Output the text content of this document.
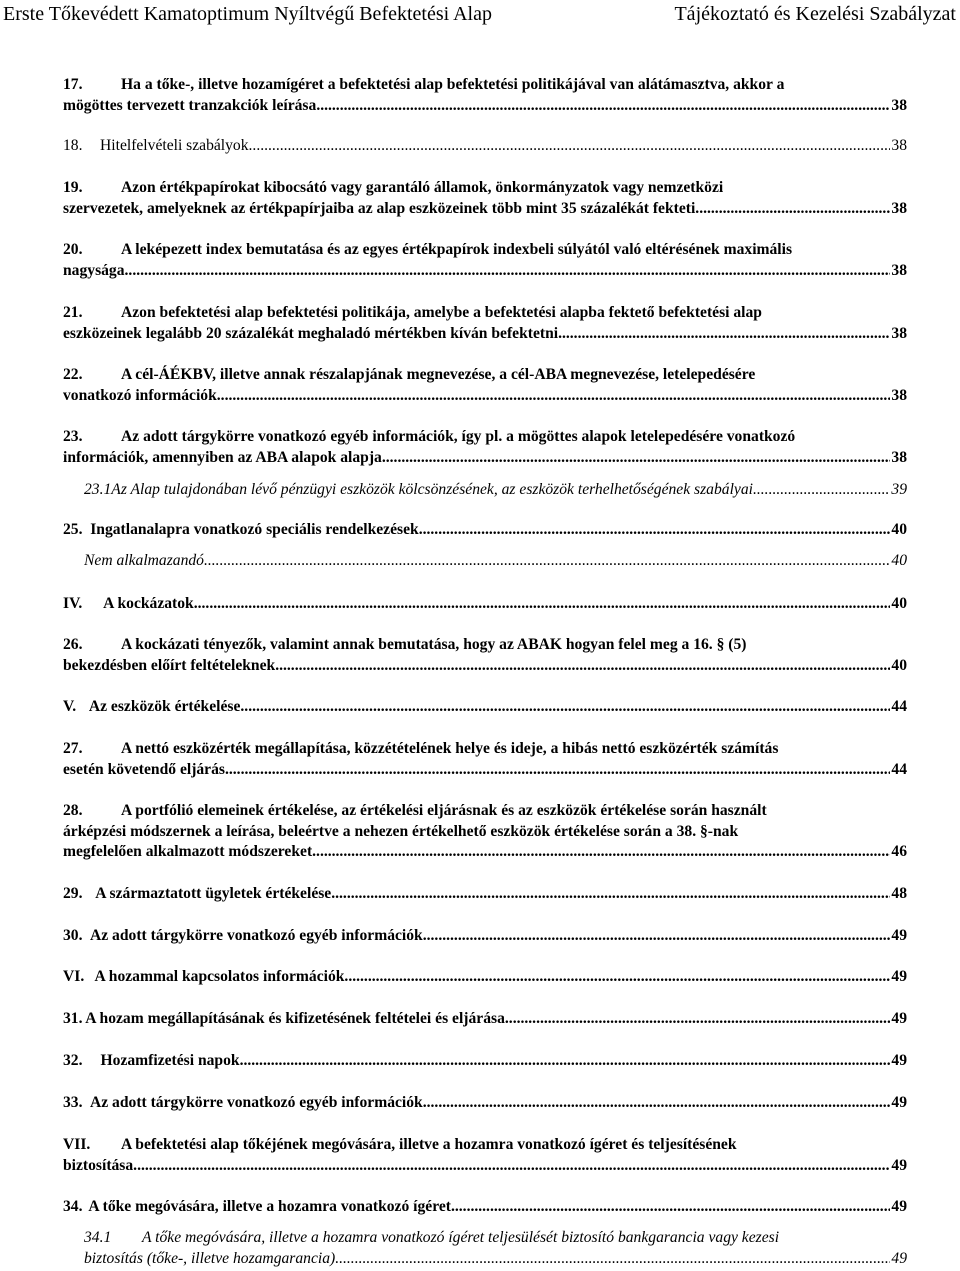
Erste Tőkevédett Kamatoptimum Nyíltvégű Befektetési Alap	Tájékoztató és Kezelési Szabályzat
17. Ha a tőke-, illetve hozamígéret a befektetési alap befektetési politikájával van alátámasztva, akkor a
mögöttes tervezett tranzakciók leírása .....	38
18.	Hitelfelvételi szabályok .....	38
19. Azon értékpapírokat kibocsátó vagy garantáló államok, önkormányzatok vagy nemzetközi
szervezetek, amelyeknek az értékpapírjaiba az alap eszközeinek több mint 35 százalékát fekteti .....	38
20. A leképezett index bemutatása és az egyes értékpapírok indexbeli súlyától való eltérésének maximális
nagysága .....	38
21. Azon befektetési alap befektetési politikája, amelybe a befektetési alapba fektető befektetési alap
eszközeinek legalább 20 százalékát meghaladó mértékben kíván befektetni .....	38
22. A cél-ÁÉKBV, illetve annak részalapjának megnevezése, a cél-ABA megnevezése, letelepedésére
vonatkozó információk .....	38
23. Az adott tárgykörre vonatkozó egyéb információk, így pl. a mögöttes alapok letelepedésére vonatkozó
információk, amennyiben az ABA alapok alapja .....	38
23.1 Az Alap tulajdonában lévő pénzügyi eszközök kölcsönzésének, az eszközök terhelhetőségének szabályai .....	39
25. Ingatlanalapra vonatkozó speciális rendelkezések .....	40
Nem alkalmazandó. .....	40
IV.	A kockázatok .....	40
26. A kockázati tényezők, valamint annak bemutatása, hogy az ABAK hogyan felel meg a 16. § (5)
bekezdésben előírt feltételeknek .....	40
V. Az eszközök értékelése .....	44
27. A nettó eszközérték megállapítása, közzétételének helye és ideje, a hibás nettó eszközérték számítás
esetén követendő eljárás .....	44
28. A portfólió elemeinek értékelése, az értékelési eljárásnak és az eszközök értékelése során használt
árképzési módszernek a leírása, beleértve a nehezen értékelhető eszközök értékelése során a 38. §-nak
megfelelően alkalmazott módszereket .....	46
29. A származtatott ügyletek értékelése .....	48
30. Az adott tárgykörre vonatkozó egyéb információk .....	49
VI. A hozammal kapcsolatos információk .....	49
31. A hozam megállapításának és kifizetésének feltételei és eljárása .....	49
32.	Hozamfizetési napok .....	49
33. Az adott tárgykörre vonatkozó egyéb információk .....	49
VII. A befektetési alap tőkéjének megóvására, illetve a hozamra vonatkozó ígéret és teljesítésének
biztosítása .....	49
34. A tőke megóvására, illetve a hozamra vonatkozó ígéret .....	49
34.1 A tőke megóvására, illetve a hozamra vonatkozó ígéret teljesülését biztosító bankgarancia vagy kezesi
biztosítás (tőke-, illetve hozamgarancia) .....	49
